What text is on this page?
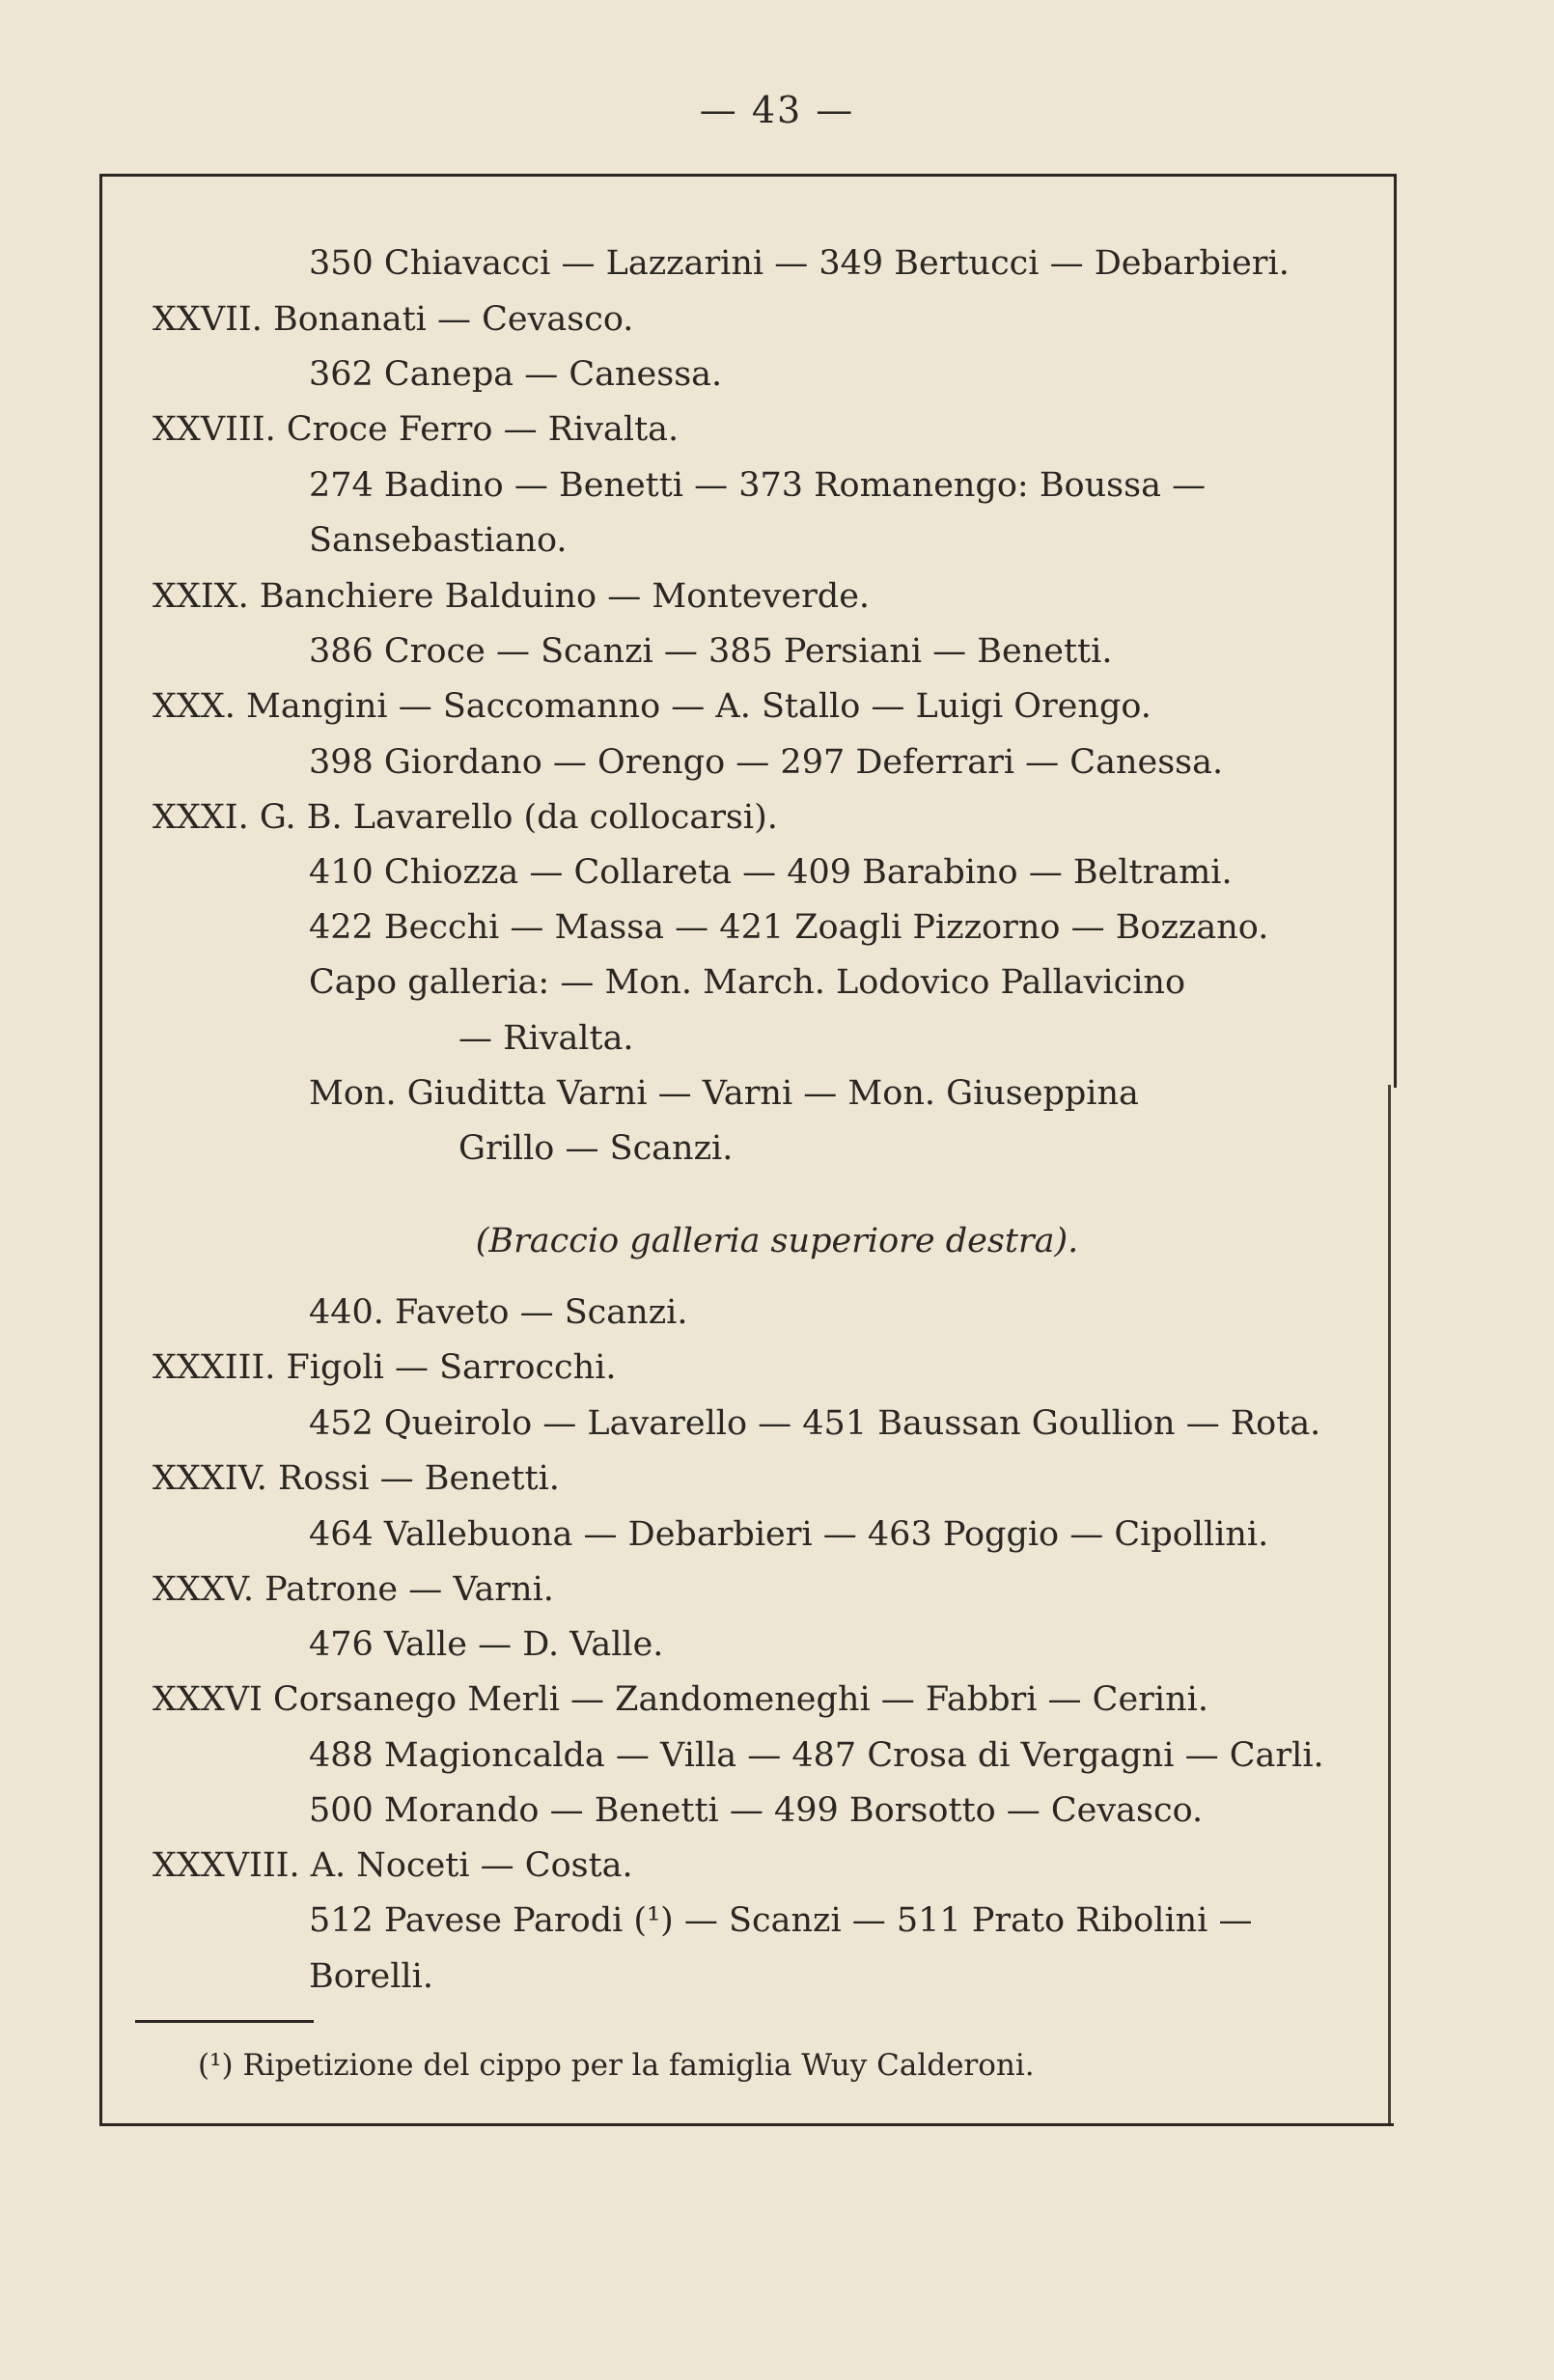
— 43 —
350 Chiavacci — Lazzarini — 349 Bertucci — Debarbieri.
XXVII. Bonanati — Cevasco.
362 Canepa — Canessa.
XXVIII. Croce Ferro — Rivalta.
274 Badino — Benetti — 373 Romanengo: Boussa —
Sansebastiano.
XXIX. Banchiere Balduino — Monteverde.
386 Croce — Scanzi — 385 Persiani — Benetti.
XXX. Mangini — Saccomanno — A. Stallo — Luigi Orengo.
398 Giordano — Orengo — 297 Deferrari — Canessa.
XXXI. G. B. Lavarello (da collocarsi).
410 Chiozza — Collareta — 409 Barabino — Beltrami.
422 Becchi — Massa — 421 Zoagli Pizzorno — Bozzano.
Capo galleria: — Mon. March. Lodovico Pallavicino
— Rivalta.
Mon. Giuditta Varni — Varni — Mon. Giuseppina
Grillo — Scanzi.
(Braccio galleria superiore destra).
440. Faveto — Scanzi.
XXXIII. Figoli — Sarrocchi.
452 Queirolo — Lavarello — 451 Baussan Goullion — Rota.
XXXIV. Rossi — Benetti.
464 Vallebuona — Debarbieri — 463 Poggio — Cipollini.
XXXV. Patrone — Varni.
476 Valle — D. Valle.
XXXVI Corsanego Merli — Zandomeneghi — Fabbri — Cerini.
488 Magioncalda — Villa — 487 Crosa di Vergagni — Carli.
500 Morando — Benetti — 499 Borsotto — Cevasco.
XXXVIII. A. Noceti — Costa.
512 Pavese Parodi (¹) — Scanzi — 511 Prato Ribolini —
Borelli.
(¹) Ripetizione del cippo per la famiglia Wuy Calderoni.
